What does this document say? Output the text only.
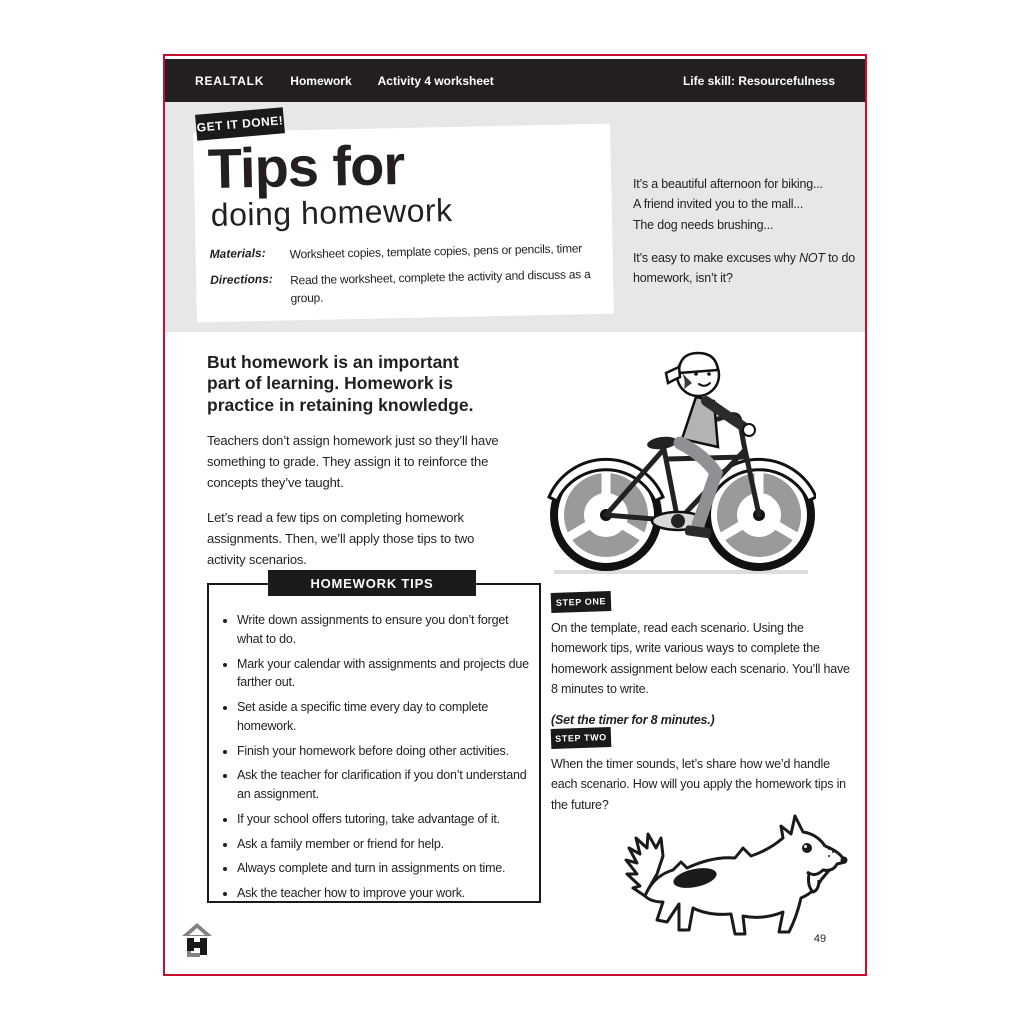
REALTALK Homework Activity 4 worksheet	Life skill: Resourcefulness
GET IT DONE!
Tips for
doing homework
Materials:	Worksheet copies, template copies, pens or pencils, timer
Directions:	Read the worksheet, complete the activity and discuss as a group.
It’s a beautiful afternoon for biking...
A friend invited you to the mall...
The dog needs brushing...
It’s easy to make excuses why NOT to do homework, isn’t it?
But homework is an important
part of learning. Homework is
practice in retaining knowledge.

Teachers don’t assign homework just so they’ll have something to grade. They assign it to reinforce the concepts they’ve taught.

Let’s read a few tips on completing homework assignments. Then, we’ll apply those tips to two activity scenarios.

HOMEWORK TIPS
• Write down assignments to ensure you don’t forget what to do.
• Mark your calendar with assignments and projects due farther out.
• Set aside a specific time every day to complete homework.
• Finish your homework before doing other activities.
• Ask the teacher for clarification if you don’t understand an assignment.
• If your school offers tutoring, take advantage of it.
• Ask a family member or friend for help.
• Always complete and turn in assignments on time.
• Ask the teacher how to improve your work.
STEP ONE

On the template, read each scenario. Using the homework tips, write various ways to complete the homework assignment below each scenario. You’ll have 8 minutes to write.

(Set the timer for 8 minutes.)

STEP TWO
When the timer sounds, let’s share how we’d handle each scenario. How will you apply the homework tips in the future?
49
